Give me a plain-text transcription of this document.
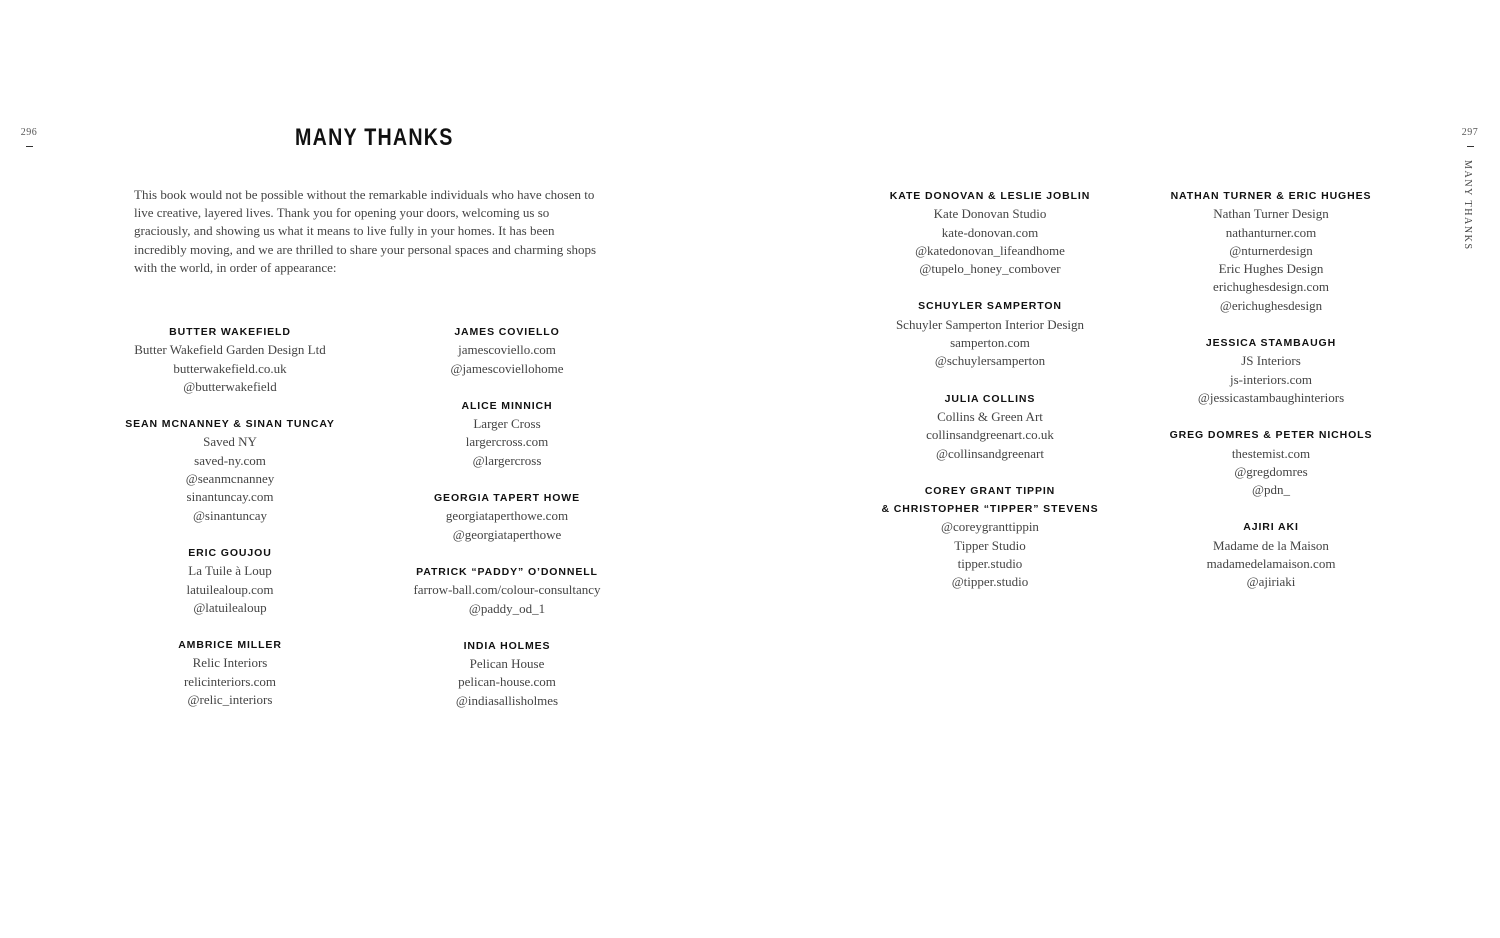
296	297
MANY THANKS
MANY THANKS

This book would not be possible without the remarkable individuals who have chosen to live creative, layered lives. Thank you for opening your doors, welcoming us so graciously, and showing us what it means to live fully in your homes. It has been incredibly moving, and we are thrilled to share your personal spaces and charming shops with the world, in order of appearance:

BUTTER WAKEFIELD
Butter Wakefield Garden Design Ltd
butterwakefield.co.uk
@butterwakefield
SEAN MCNANNEY & SINAN TUNCAY
Saved NY
saved-ny.com
@seanmcnanney
sinantuncay.com
@sinantuncay
ERIC GOUJOU
La Tuile à Loup
latuilealoup.com
@latuilealoup
AMBRICE MILLER
Relic Interiors
relicinteriors.com
@relic_interiors
JAMES COVIELLO
jamescoviello.com
@jamescoviellohome
ALICE MINNICH
Larger Cross
largercross.com
@largercross
GEORGIA TAPERT HOWE
georgiataperthowe.com
@georgiataperthowe
PATRICK “PADDY” O’DONNELL
farrow-ball.com/colour-consultancy
@paddy_od_1
INDIA HOLMES
Pelican House
pelican-house.com
@indiasallisholmes
KATE DONOVAN & LESLIE JOBLIN
Kate Donovan Studio
kate-donovan.com
@katedonovan_lifeandhome
@tupelo_honey_combover
SCHUYLER SAMPERTON
Schuyler Samperton Interior Design
samperton.com
@schuylersamperton
JULIA COLLINS
Collins & Green Art
collinsandgreenart.co.uk
@collinsandgreenart
COREY GRANT TIPPIN
& CHRISTOPHER “TIPPER” STEVENS
@coreygranttippin
Tipper Studio
tipper.studio
@tipper.studio
NATHAN TURNER & ERIC HUGHES
Nathan Turner Design
nathanturner.com
@nturnerdesign
Eric Hughes Design
erichughesdesign.com
@erichughesdesign
JESSICA STAMBAUGH
JS Interiors
js-interiors.com
@jessicastambaughinteriors
GREG DOMRES & PETER NICHOLS
thestemist.com
@gregdomres
@pdn_
AJIRI AKI
Madame de la Maison
madamedelamaison.com
@ajiriaki
